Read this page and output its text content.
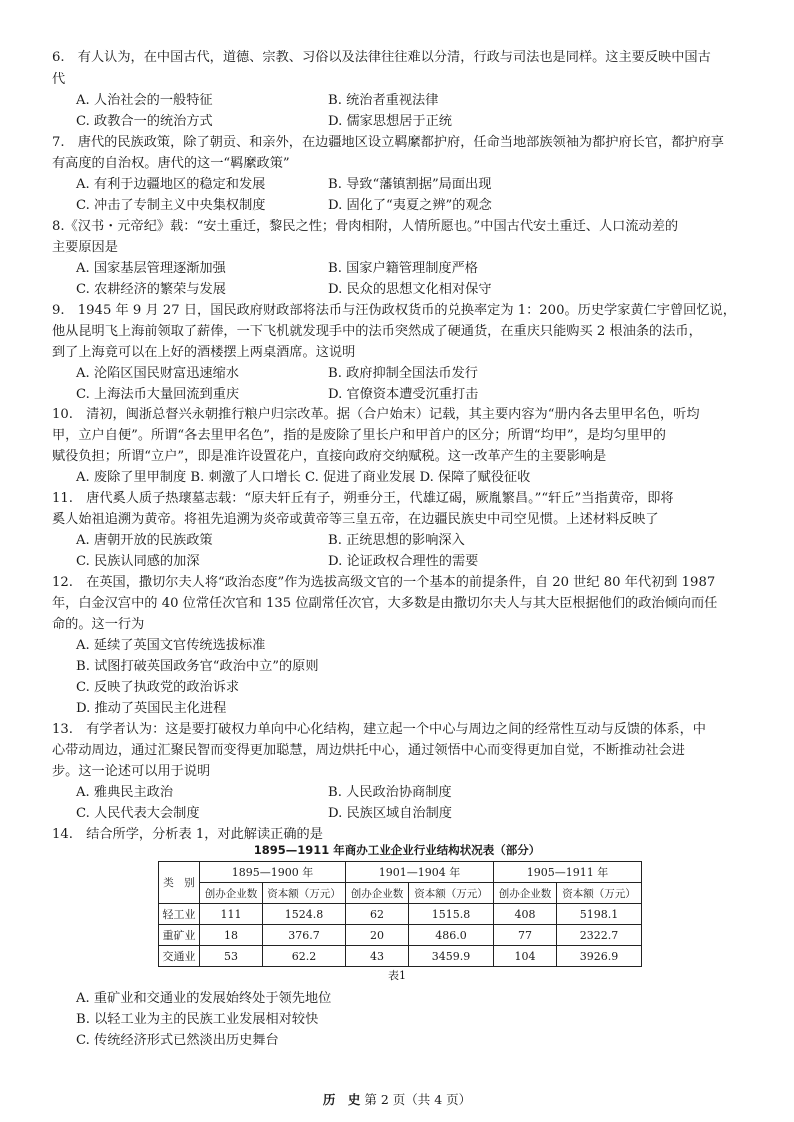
6.　有人认为，在中国古代，道德、宗教、习俗以及法律往往难以分清，行政与司法也是同样。这主要反映中国古
代
A. 人治社会的一般特征	B. 统治者重视法律
C. 政教合一的统治方式	D. 儒家思想居于正统
7.　唐代的民族政策，除了朝贡、和亲外，在边疆地区设立羁縻都护府，任命当地部族领袖为都护府长官，都护府享
有高度的自治权。唐代的这一“羁縻政策”
A. 有利于边疆地区的稳定和发展	B. 导致“藩镇割据”局面出现
C. 冲击了专制主义中央集权制度	D. 固化了“夷夏之辨”的观念
8.《汉书・元帝纪》载：“安土重迁，黎民之性；骨肉相附，人情所愿也。”中国古代安土重迁、人口流动差的
主要原因是
A. 国家基层管理逐渐加强	B. 国家户籍管理制度严格
C. 农耕经济的繁荣与发展	D. 民众的思想文化相对保守
9.　1945 年 9 月 27 日，国民政府财政部将法币与汪伪政权货币的兑换率定为 1：200。历史学家黄仁宇曾回忆说，
他从昆明飞上海前领取了薪俸，一下飞机就发现手中的法币突然成了硬通货，在重庆只能购买 2 根油条的法币，
到了上海竟可以在上好的酒楼摆上两桌酒席。这说明
A. 沦陷区国民财富迅速缩水	B. 政府抑制全国法币发行
C. 上海法币大量回流到重庆	D. 官僚资本遭受沉重打击
10.　清初，闽浙总督兴永朝推行粮户归宗改革。据（合户始末）记载，其主要内容为“册内各去里甲名色，听均
甲，立户自便”。所谓“各去里甲名色”，指的是废除了里长户和甲首户的区分；所谓“均甲”，是均匀里甲的
赋役负担；所谓“立户”，即是准许设置花户，直接向政府交纳赋税。这一改革产生的主要影响是
A. 废除了里甲制度 B. 刺激了人口增长 C. 促进了商业发展 D. 保障了赋役征收
11.　唐代奚人质子热瓌墓志载：“原夫轩丘有子，朔垂分王，代雄辽碣，厥胤繁昌。”“轩丘”当指黄帝，即将
奚人始祖追溯为黄帝。将祖先追溯为炎帝或黄帝等三皇五帝，在边疆民族史中司空见惯。上述材料反映了
A. 唐朝开放的民族政策	B. 正统思想的影响深入
C. 民族认同感的加深	D. 论证政权合理性的需要
12.　在英国，撒切尔夫人将“政治态度”作为选拔高级文官的一个基本的前提条件，自 20 世纪 80 年代初到 1987
年，白金汉宫中的 40 位常任次官和 135 位副常任次官，大多数是由撒切尔夫人与其大臣根据他们的政治倾向而任
命的。这一行为
A. 延续了英国文官传统选拔标准
B. 试图打破英国政务官“政治中立”的原则
C. 反映了执政党的政治诉求
D. 推动了英国民主化进程
13.　有学者认为：这是要打破权力单向中心化结构，建立起一个中心与周边之间的经常性互动与反馈的体系，中
心带动周边，通过汇聚民智而变得更加聪慧，周边烘托中心，通过领悟中心而变得更加自觉，不断推动社会进
步。这一论述可以用于说明
A. 雅典民主政治	B. 人民政治协商制度
C. 人民代表大会制度	D. 民族区域自治制度
14.　结合所学，分析表 1，对此解读正确的是
1895—1911 年商办工业企业行业结构状况表（部分）
类　别	1895—1900 年		1901—1904 年		1905—1911 年	
	创办企业数	资本额（万元）	创办企业数	资本额（万元）	创办企业数	资本额（万元）
轻工业	111	1524.8	62	1515.8	408	5198.1
重矿业	18	376.7	20	486.0	77	2322.7
交通业	53	62.2	43	3459.9	104	3926.9
表1
A. 重矿业和交通业的发展始终处于领先地位
B. 以轻工业为主的民族工业发展相对较快
C. 传统经济形式已然淡出历史舞台
历　史 第 2 页（共 4 页）
